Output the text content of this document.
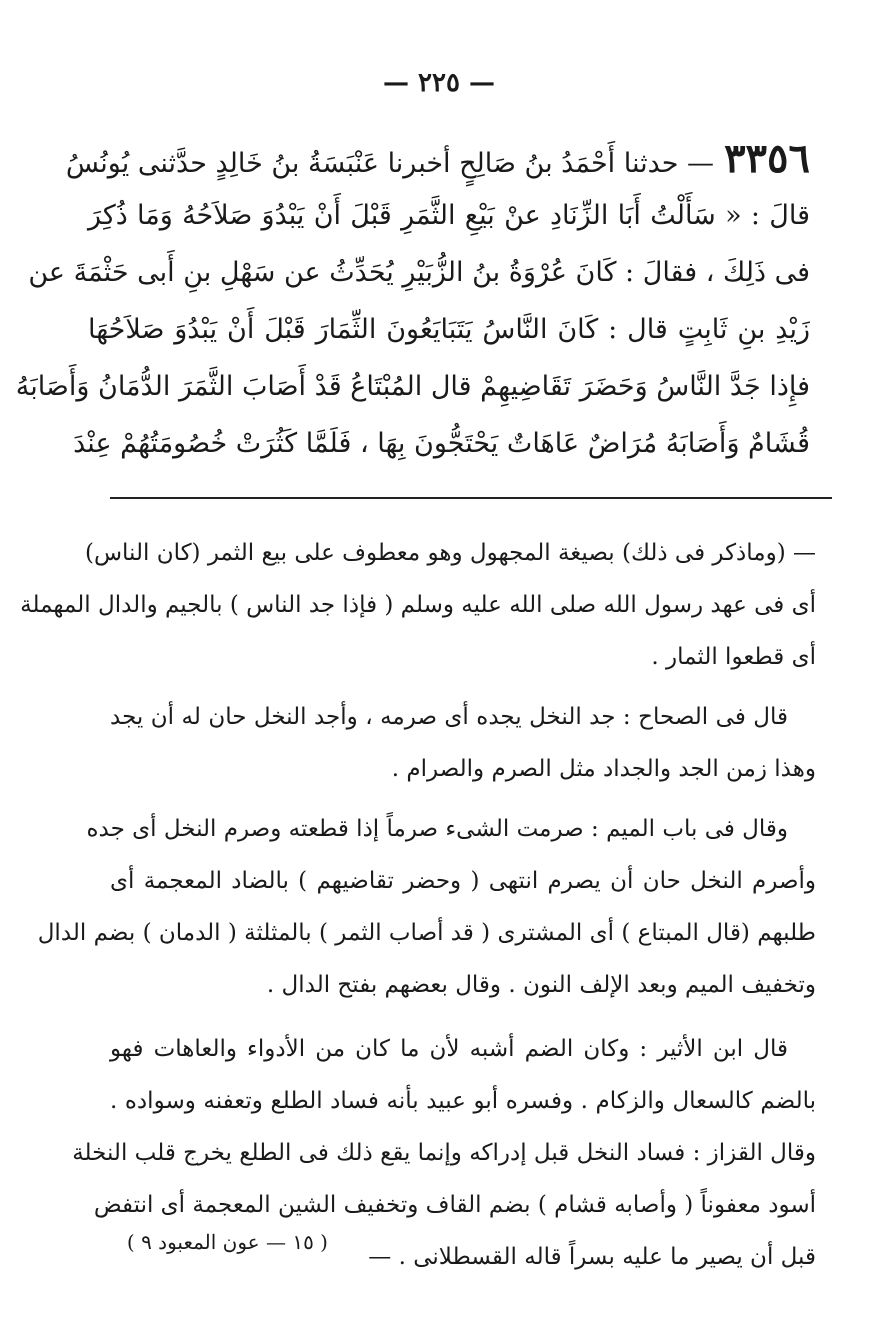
— ٢٢٥ —
٣٣٥٦— حدثنا أَحْمَدُ بنُ صَالِحٍ أخبرنا عَنْبَسَةُ بنُ خَالِدٍ حدَّثنى يُونُسُ
قالَ : « سَأَلْتُ أَبَا الزِّنَادِ عنْ بَيْعِ الثَّمَرِ قَبْلَ أَنْ يَبْدُوَ صَلاَحُهُ وَمَا ذُكِرَ
فى ذَلِكَ ، فقالَ : كَانَ عُرْوَةُ بنُ الزُّبَيْرِ يُحَدِّثُ عن سَهْلِ بنِ أَبى حَثْمَةَ عن
زَيْدِ بنِ ثَابِتٍ قال : كَانَ النَّاسُ يَتَبَايَعُونَ الثِّمَارَ قَبْلَ أَنْ يَبْدُوَ صَلاَحُهَا
فإِذا جَدَّ النَّاسُ وَحَضَرَ تَقَاضِيهِمْ قال المُبْتَاعُ قَدْ أَصَابَ الثَّمَرَ الدُّمَانُ وَأَصَابَهُ
قُشَامٌ وَأَصَابَهُ مُرَاضٌ عَاهَاتٌ يَحْتَجُّونَ بِهَا ، فَلَمَّا كَثُرَتْ خُصُومَتُهُمْ عِنْدَ
— (وماذكر فى ذلك) بصيغة المجهول وهو معطوف على بيع الثمر (كان الناس)
أى فى عهد رسول الله صلى الله عليه وسلم ( فإذا جد الناس ) بالجيم والدال المهملة
أى قطعوا الثمار .
قال فى الصحاح : جد النخل يجده أى صرمه ، وأجد النخل حان له أن يجد
وهذا زمن الجد والجداد مثل الصرم والصرام .
وقال فى باب الميم : صرمت الشىء صرماً إذا قطعته وصرم النخل أى جده
وأصرم النخل حان أن يصرم انتهى ( وحضر تقاضيهم ) بالضاد المعجمة أى
طلبهم (قال المبتاع ) أى المشترى ( قد أصاب الثمر ) بالمثلثة ( الدمان ) بضم الدال
وتخفيف الميم وبعد الإلف النون . وقال بعضهم بفتح الدال .
قال ابن الأثير : وكان الضم أشبه لأن ما كان من الأدواء والعاهات فهو
بالضم كالسعال والزكام . وفسره أبو عبيد بأنه فساد الطلع وتعفنه وسواده .
وقال القزاز : فساد النخل قبل إدراكه وإنما يقع ذلك فى الطلع يخرج قلب النخلة
أسود معفوناً ( وأصابه قشام ) بضم القاف وتخفيف الشين المعجمة أى انتفض
قبل أن يصير ما عليه بسراً قاله القسطلانى . —
( ١٥ — عون المعبود ٩ )
